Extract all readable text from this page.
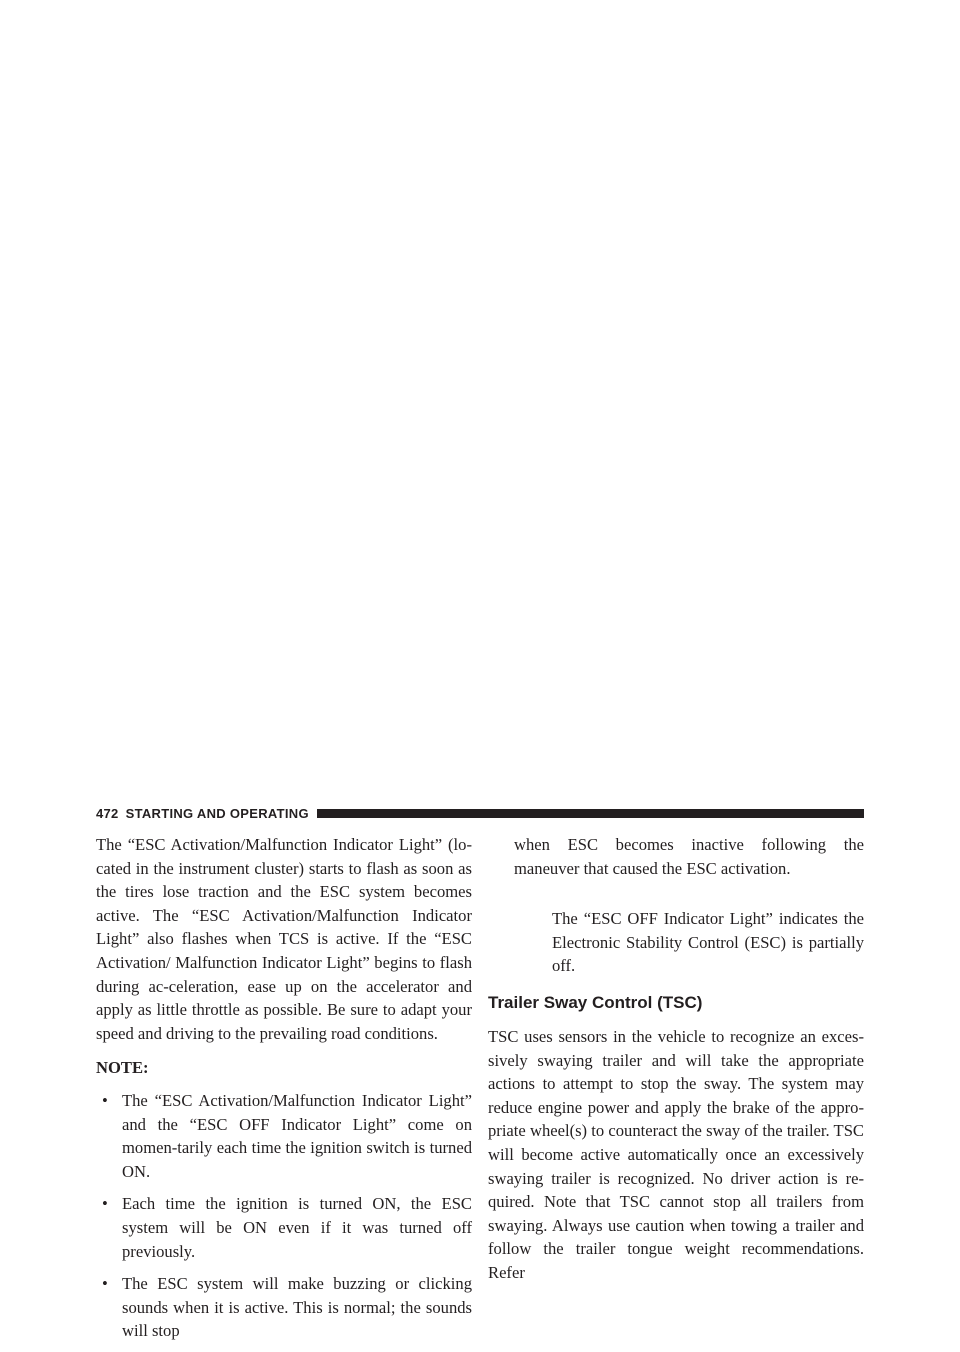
472 STARTING AND OPERATING

The “ESC Activation/Malfunction Indicator Light” (lo-cated in the instrument cluster) starts to flash as soon as the tires lose traction and the ESC system becomes active. The “ESC Activation/Malfunction Indicator Light” also flashes when TCS is active. If the “ESC Activation/ Malfunction Indicator Light” begins to flash during ac-celeration, ease up on the accelerator and apply as little throttle as possible. Be sure to adapt your speed and driving to the prevailing road conditions.

NOTE:

• The “ESC Activation/Malfunction Indicator Light” and the “ESC OFF Indicator Light” come on momen-tarily each time the ignition switch is turned ON.
• Each time the ignition is turned ON, the ESC system will be ON even if it was turned off previously.
• The ESC system will make buzzing or clicking sounds when it is active. This is normal; the sounds will stop

when ESC becomes inactive following the maneuver that caused the ESC activation.

The “ESC OFF Indicator Light” indicates the Electronic Stability Control (ESC) is partially off.

Trailer Sway Control (TSC)

TSC uses sensors in the vehicle to recognize an exces-sively swaying trailer and will take the appropriate actions to attempt to stop the sway. The system may reduce engine power and apply the brake of the appro-priate wheel(s) to counteract the sway of the trailer. TSC will become active automatically once an excessively swaying trailer is recognized. No driver action is re-quired. Note that TSC cannot stop all trailers from swaying. Always use caution when towing a trailer and follow the trailer tongue weight recommendations. Refer
